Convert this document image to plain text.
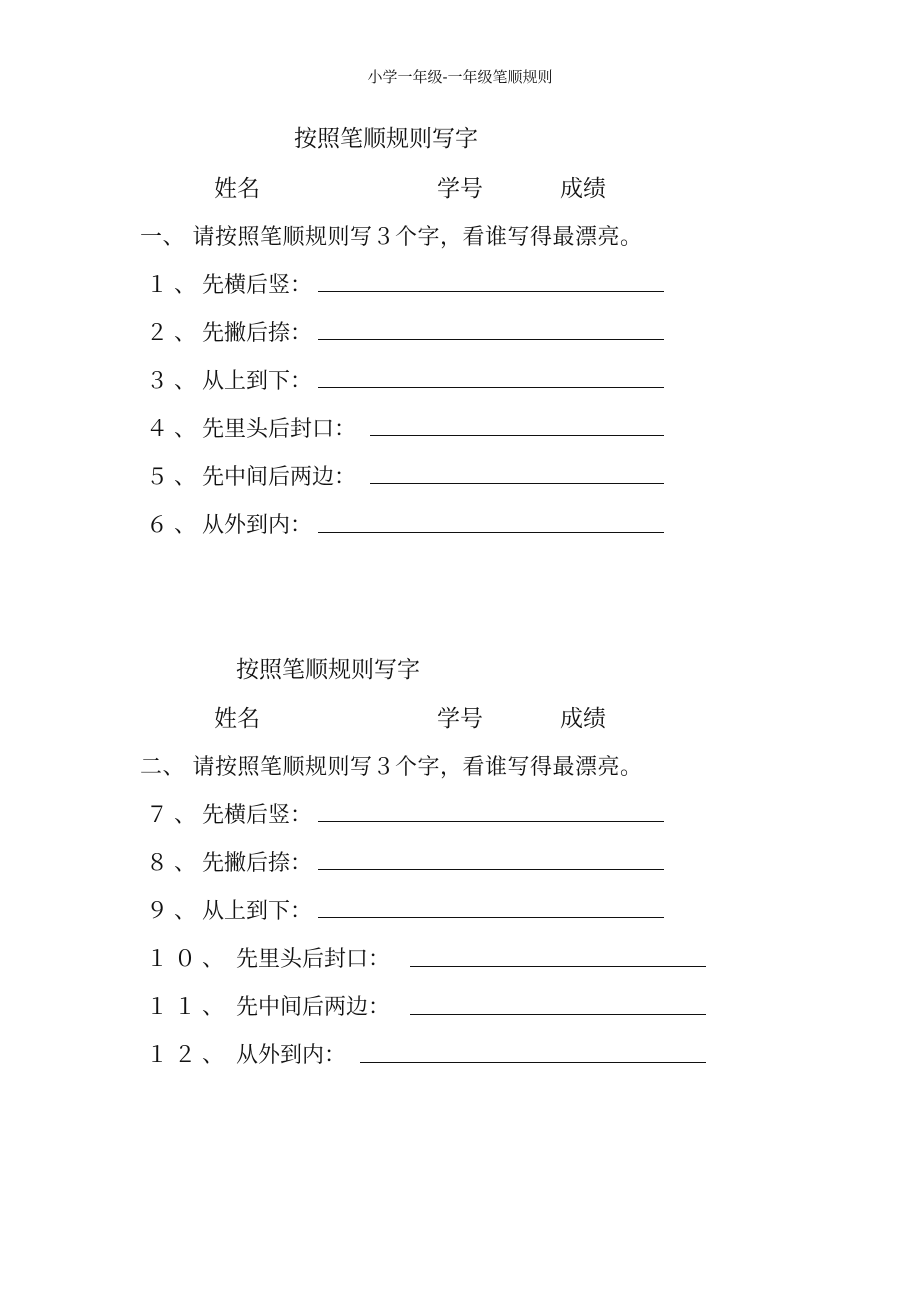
小学一年级-一年级笔顺规则
按照笔顺规则写字
姓名	学号	成绩
一、 请按照笔顺规则写３个字，看谁写得最漂亮。
１、先横后竖：
２、先撇后捺：
３、从上到下：
４、先里头后封口：
５、先中间后两边：
６、从外到内：
按照笔顺规则写字
姓名	学号	成绩
二、 请按照笔顺规则写３个字，看谁写得最漂亮。
７、先横后竖：
８、先撇后捺：
９、从上到下：
１０、 先里头后封口：
１１、 先中间后两边：
１２、 从外到内：
